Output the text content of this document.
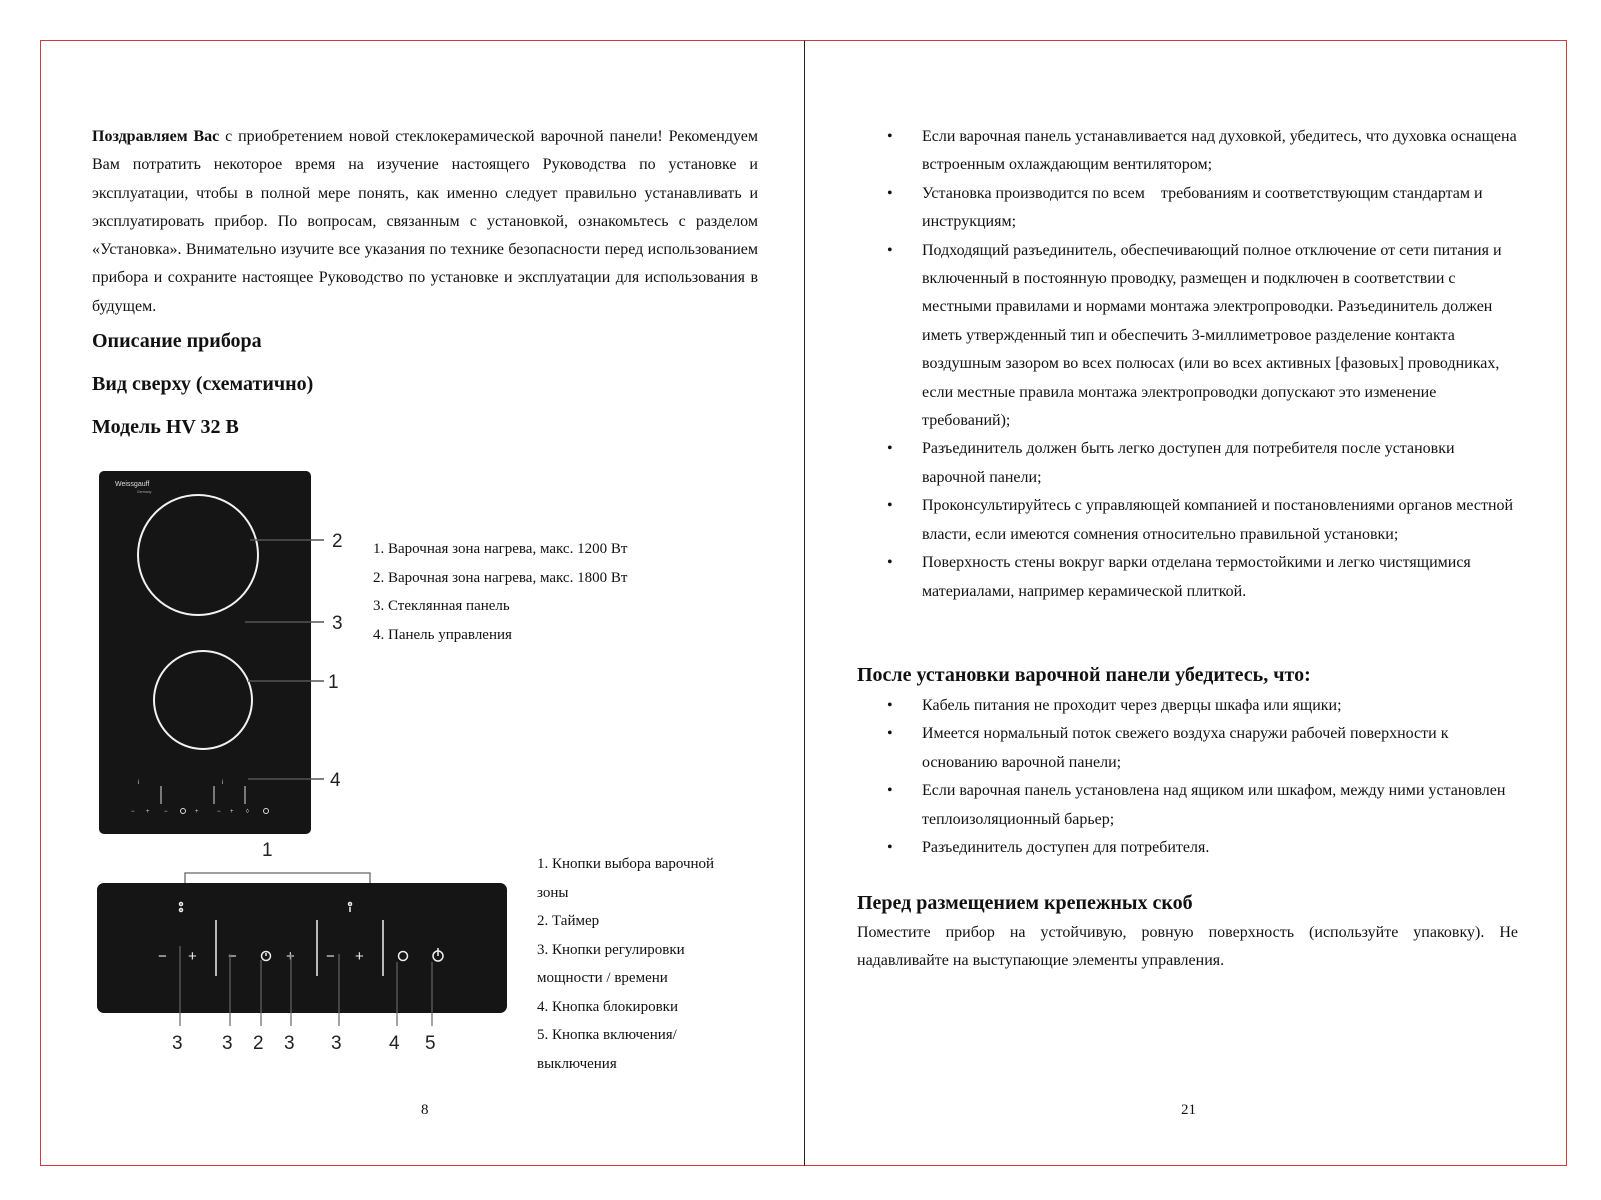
Поздравляем Вас с приобретением новой стеклокерамической варочной панели! Рекомендуем Вам потратить некоторое время на изучение настоящего Руководства по установке и эксплуатации, чтобы в полной мере понять, как именно следует правильно устанавливать и эксплуатировать прибор. По вопросам, связанным с установкой, ознакомьтесь с разделом «Установка». Внимательно изучите все указания по технике безопасности перед использованием прибора и сохраните настоящее Руководство по установке и эксплуатации для использования в будущем.

Описание прибора
Вид сверху (схематично)
Модель HV 32 B
Weissgauff
Germany
− + −	+	− + ◊
i	i
2
3
1
4
1. Варочная зона нагрева, макс. 1200 Вт
2. Варочная зона нагрева, макс. 1800 Вт
3. Стеклянная панель
4. Панель управления
1
− + −	+ − +
3 3 2 3 3 4 5
1. Кнопки выбора варочной
зоны
2. Таймер
3. Кнопки регулировки
мощности / времени
4. Кнопка блокировки
5. Кнопка включения/
выключения
8
• Если варочная панель устанавливается над духовкой, убедитесь, что духовка оснащена встроенным охлаждающим вентилятором;
• Установка производится по всем    требованиям и соответствующим стандартам и инструкциям;
• Подходящий разъединитель, обеспечивающий полное отключение от сети питания и включенный в постоянную проводку, размещен и подключен в соответствии с местными правилами и нормами монтажа электропроводки. Разъединитель должен иметь утвержденный тип и обеспечить 3-миллиметровое разделение контакта воздушным зазором во всех полюсах (или во всех активных [фазовых] проводниках, если местные правила монтажа электропроводки допускают это изменение требований);
• Разъединитель должен быть легко доступен для потребителя после установки варочной панели;
• Проконсультируйтесь с управляющей компанией и постановлениями органов местной власти, если имеются сомнения относительно правильной установки;
• Поверхность стены вокруг варки отделана термостойкими и легко чистящимися материалами, например керамической плиткой.
После установки варочной панели убедитесь, что:
• Кабель питания не проходит через дверцы шкафа или ящики;
• Имеется нормальный поток свежего воздуха снаружи рабочей поверхности к основанию варочной панели;
• Если варочная панель установлена над ящиком или шкафом, между ними установлен теплоизоляционный барьер;
• Разъединитель доступен для потребителя.
Перед размещением крепежных скоб

Поместите прибор на устойчивую, ровную поверхность (используйте упаковку). Не надавливайте на выступающие элементы управления.

21
